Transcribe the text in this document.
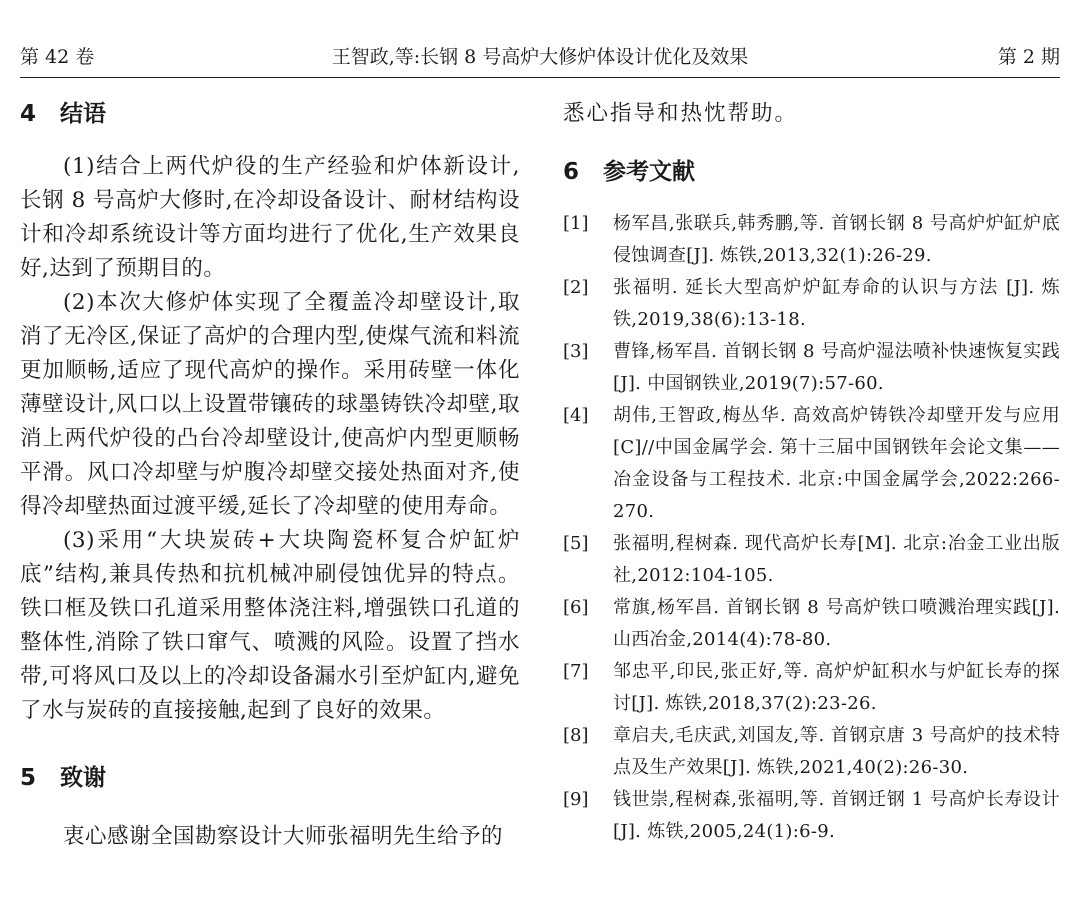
第 42 卷	王智政,等:长钢 8 号高炉大修炉体设计优化及效果	第 2 期
4 结语

(1)结合上两代炉役的生产经验和炉体新设计,长钢 8 号高炉大修时,在冷却设备设计、耐材结构设计和冷却系统设计等方面均进行了优化,生产效果良好,达到了预期目的。

(2)本次大修炉体实现了全覆盖冷却壁设计,取消了无冷区,保证了高炉的合理内型,使煤气流和料流更加顺畅,适应了现代高炉的操作。采用砖壁一体化薄壁设计,风口以上设置带镶砖的球墨铸铁冷却壁,取消上两代炉役的凸台冷却壁设计,使高炉内型更顺畅平滑。风口冷却壁与炉腹冷却壁交接处热面对齐,使得冷却壁热面过渡平缓,延长了冷却壁的使用寿命。

(3)采用“大块炭砖+大块陶瓷杯复合炉缸炉底”结构,兼具传热和抗机械冲刷侵蚀优异的特点。铁口框及铁口孔道采用整体浇注料,增强铁口孔道的整体性,消除了铁口窜气、喷溅的风险。设置了挡水带,可将风口及以上的冷却设备漏水引至炉缸内,避免了水与炭砖的直接接触,起到了良好的效果。

5 致谢

衷心感谢全国勘察设计大师张福明先生给予的

悉心指导和热忱帮助。

6 参考文献
[1]	杨军昌,张联兵,韩秀鹏,等. 首钢长钢 8 号高炉炉缸炉底侵蚀调查[J]. 炼铁,2013,32(1):26-29.
[2]	张福明. 延长大型高炉炉缸寿命的认识与方法 [J]. 炼铁,2019,38(6):13-18.
[3]	曹锋,杨军昌. 首钢长钢 8 号高炉湿法喷补快速恢复实践[J]. 中国钢铁业,2019(7):57-60.
[4]	胡伟,王智政,梅丛华. 高效高炉铸铁冷却壁开发与应用[C]//中国金属学会. 第十三届中国钢铁年会论文集——冶金设备与工程技术. 北京:中国金属学会,2022:266-270.
[5]	张福明,程树森. 现代高炉长寿[M]. 北京:冶金工业出版社,2012:104-105.
[6]	常旗,杨军昌. 首钢长钢 8 号高炉铁口喷溅治理实践[J]. 山西冶金,2014(4):78-80.
[7]	邹忠平,印民,张正好,等. 高炉炉缸积水与炉缸长寿的探讨[J]. 炼铁,2018,37(2):23-26.
[8]	章启夫,毛庆武,刘国友,等. 首钢京唐 3 号高炉的技术特点及生产效果[J]. 炼铁,2021,40(2):26-30.
[9]	钱世崇,程树森,张福明,等. 首钢迁钢 1 号高炉长寿设计[J]. 炼铁,2005,24(1):6-9.
